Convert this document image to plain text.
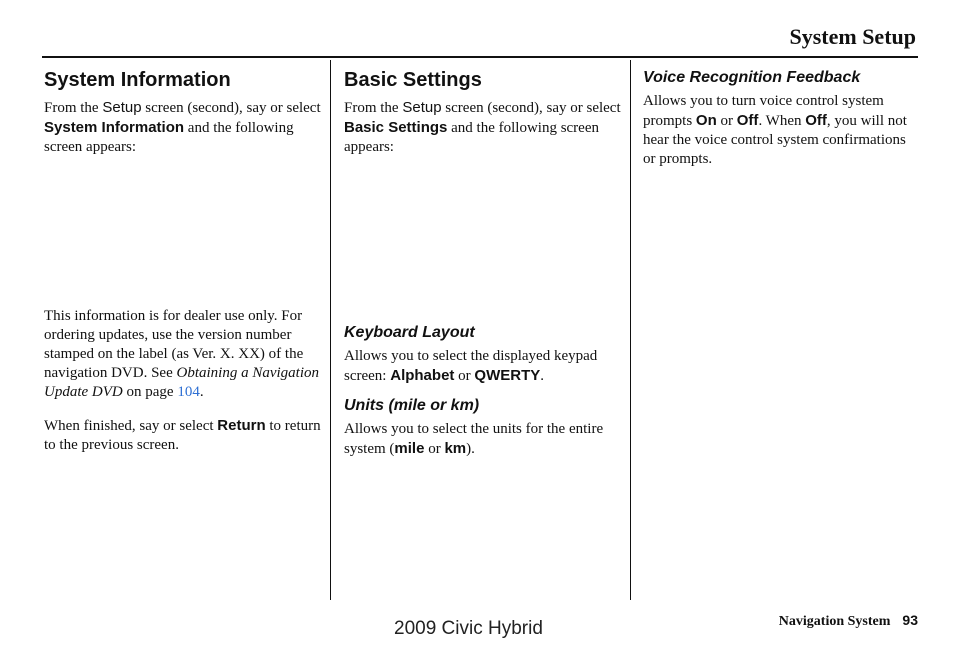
System Setup
System Information

From the Setup screen (second), say or select System Information and the following screen appears:

This information is for dealer use only. For ordering updates, use the version number stamped on the label (as Ver. X. XX) of the navigation DVD. See Obtaining a Navigation Update DVD on page 104.

When finished, say or select Return to return to the previous screen.

Basic Settings

From the Setup screen (second), say or select Basic Settings and the following screen appears:

Keyboard Layout

Allows you to select the displayed keypad screen: Alphabet or QWERTY.

Units (mile or km)

Allows you to select the units for the entire system (mile or km).

Voice Recognition Feedback

Allows you to turn voice control system prompts On or Off. When Off, you will not hear the voice control system confirmations or prompts.

Navigation System 93
2009 Civic Hybrid
